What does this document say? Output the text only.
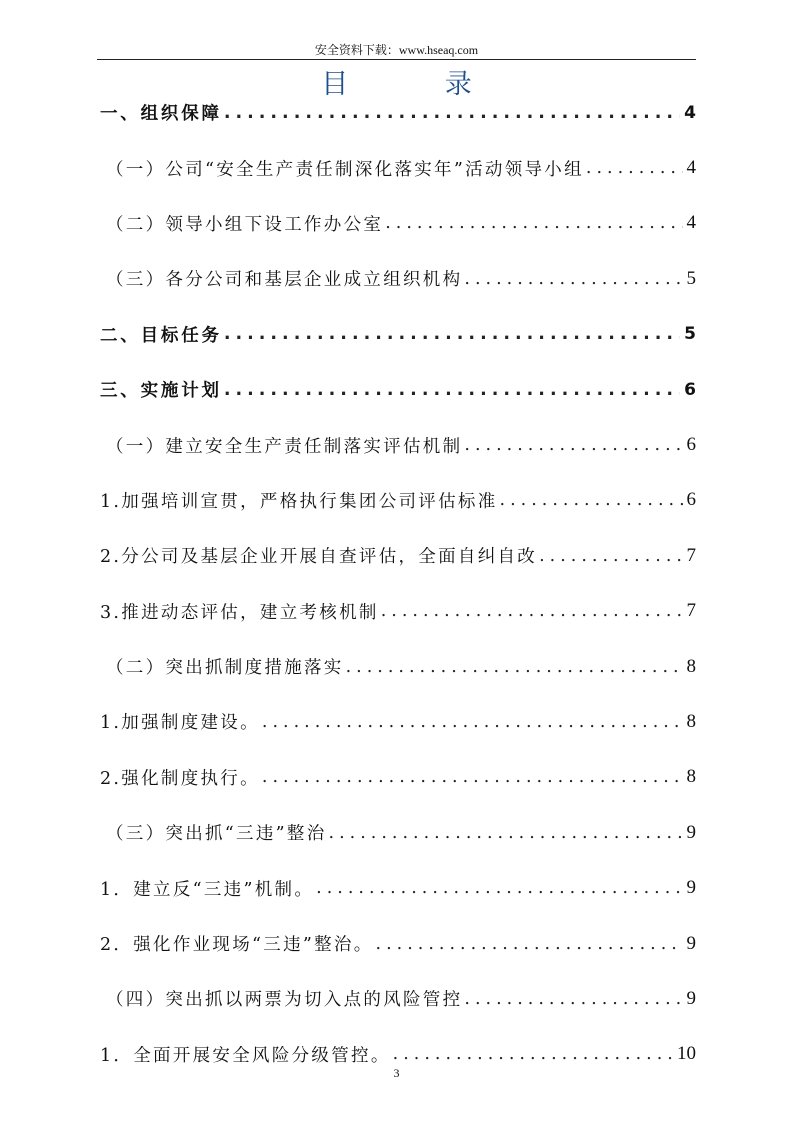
安全资料下载：www.hseaq.com
目 录
一、组织保障 .....	4
（一）公司“安全生产责任制深化落实年”活动领导小组 .....	4
（二）领导小组下设工作办公室 .....	4
（三）各分公司和基层企业成立组织机构 .....	5
二、目标任务 .....	5
三、实施计划 .....	6
（一）建立安全生产责任制落实评估机制 .....	6
1.加强培训宣贯，严格执行集团公司评估标准 .....	6
2.分公司及基层企业开展自查评估，全面自纠自改 .....	7
3.推进动态评估，建立考核机制 .....	7
（二）突出抓制度措施落实 .....	8
1.加强制度建设。 .....	8
2.强化制度执行。 .....	8
（三）突出抓“三违”整治 .....	9
1．建立反“三违”机制。 .....	9
2．强化作业现场“三违”整治。 .....	9
（四）突出抓以两票为切入点的风险管控 .....	9
1．全面开展安全风险分级管控。 .....	10
3
